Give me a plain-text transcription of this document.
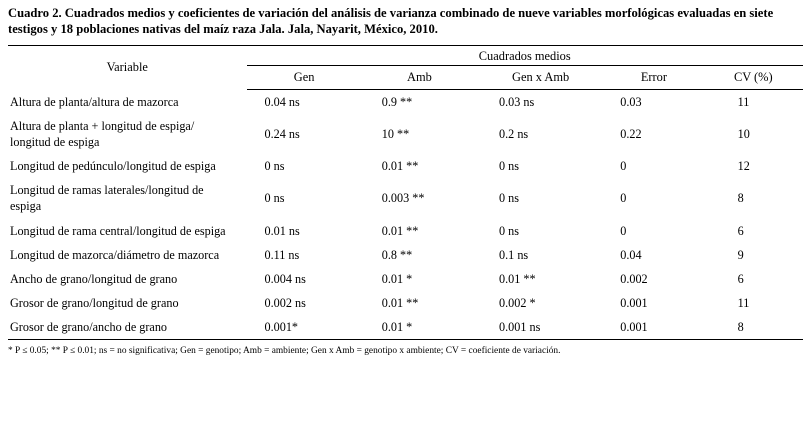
Cuadro 2. Cuadrados medios y coeficientes de variación del análisis de varianza combinado de nueve variables morfológicas evaluadas en siete testigos y 18 poblaciones nativas del maíz raza Jala. Jala, Nayarit, México, 2010.

Variable	Cuadrados medios				
	Gen	Amb	Gen x Amb	Error	CV (%)
Altura de planta/altura de mazorca	0.04 ns	0.9 **	0.03 ns	0.03	11
Altura de planta + longitud de espiga/ longitud de espiga	0.24 ns	10 **	0.2 ns	0.22	10
Longitud de pedúnculo/longitud de espiga	0 ns	0.01 **	0 ns	0	12
Longitud de ramas laterales/longitud de espiga	0 ns	0.003 **	0 ns	0	8
Longitud de rama central/longitud de espiga	0.01 ns	0.01 **	0 ns	0	6
Longitud de mazorca/diámetro de mazorca	0.11 ns	0.8 **	0.1 ns	0.04	9
Ancho de grano/longitud de grano	0.004 ns	0.01 *	0.01 **	0.002	6
Grosor de grano/longitud de grano	0.002 ns	0.01 **	0.002 *	0.001	11
Grosor de grano/ancho de grano	0.001*	0.01 *	0.001 ns	0.001	8
* P ≤ 0.05; ** P ≤ 0.01; ns = no significativa; Gen = genotipo; Amb = ambiente; Gen x Amb = genotipo x ambiente; CV = coeficiente de variación.
